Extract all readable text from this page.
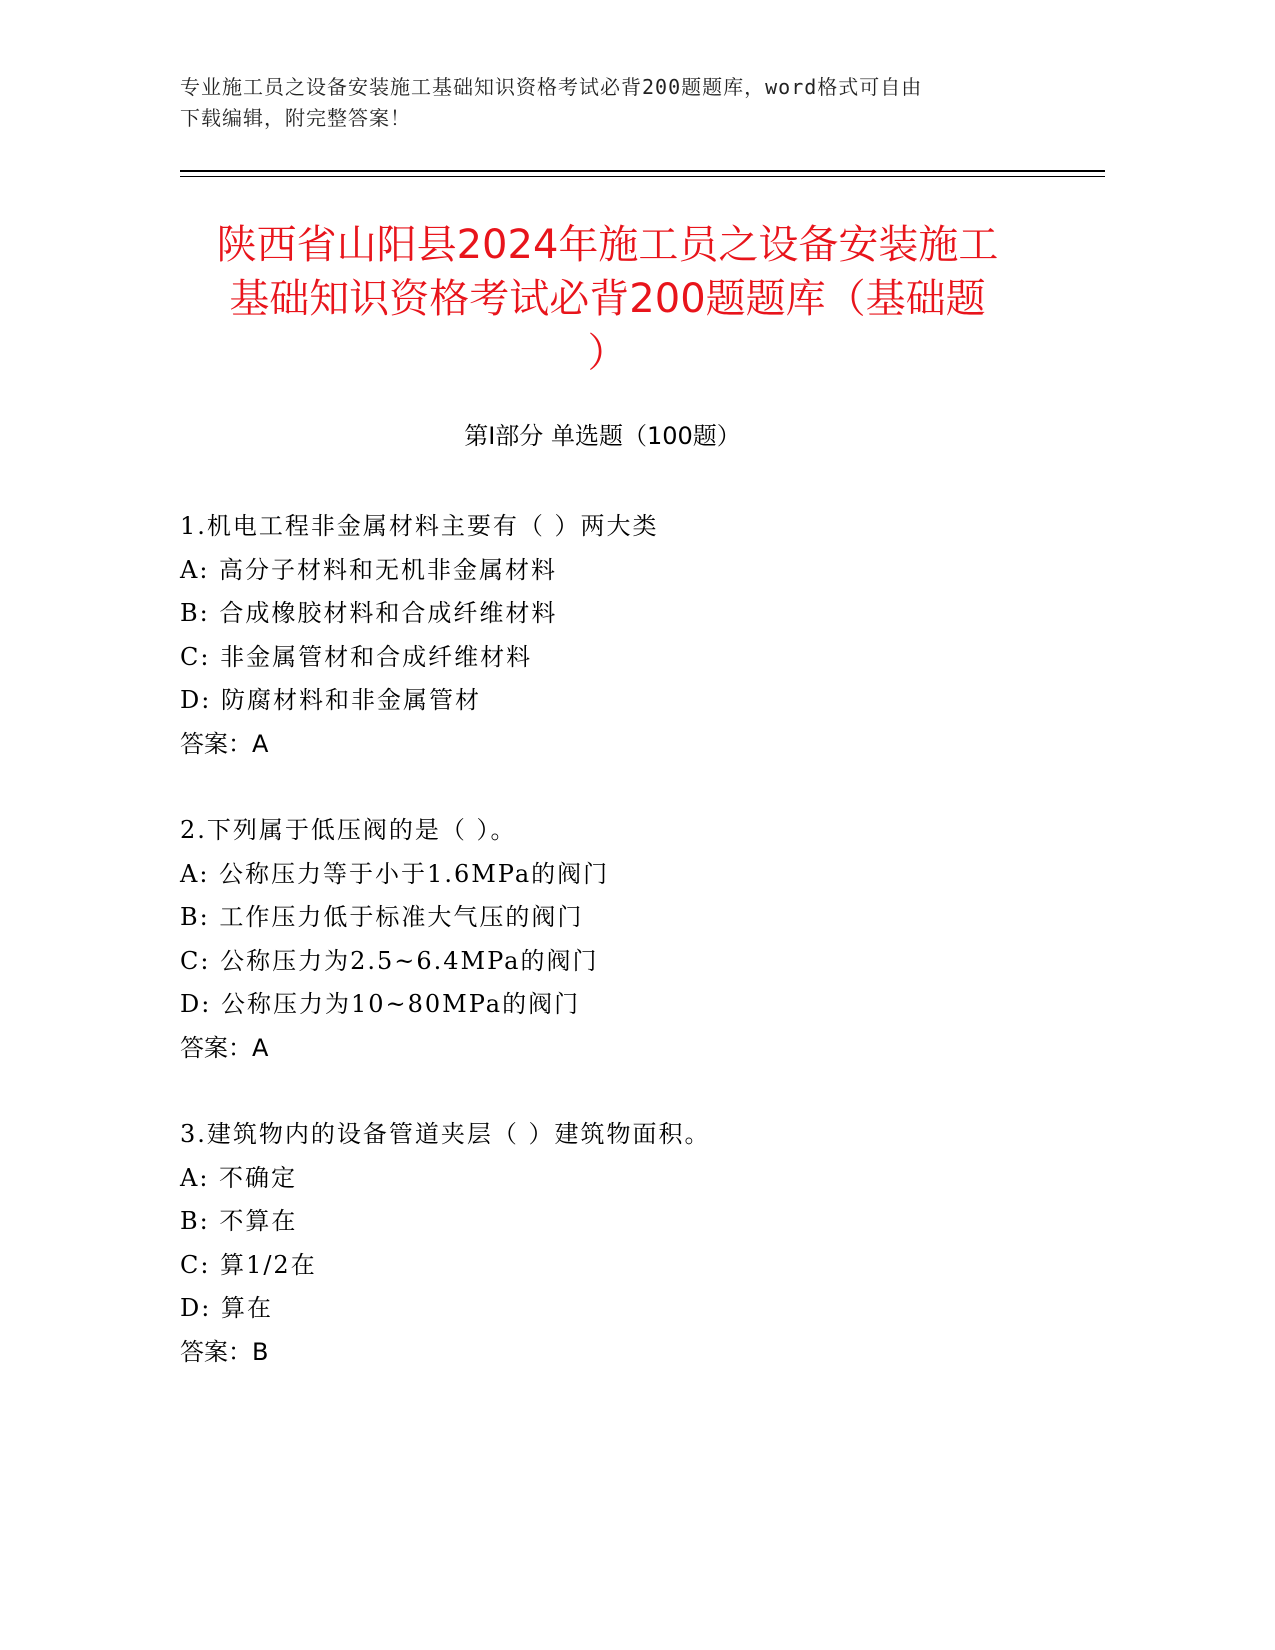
专业施工员之设备安装施工基础知识资格考试必背200题题库，word格式可自由
下载编辑，附完整答案！
陕西省山阳县2024年施工员之设备安装施工
基础知识资格考试必背200题题库（基础题
）
第Ⅰ部分 单选题（100题）
1.机电工程非金属材料主要有（ ）两大类
A: 高分子材料和无机非金属材料
B: 合成橡胶材料和合成纤维材料
C: 非金属管材和合成纤维材料
D: 防腐材料和非金属管材
答案：A
2.下列属于低压阀的是（ ）。
A: 公称压力等于小于1.6MPa的阀门
B: 工作压力低于标准大气压的阀门
C: 公称压力为2.5~6.4MPa的阀门
D: 公称压力为10~80MPa的阀门
答案：A
3.建筑物内的设备管道夹层（ ）建筑物面积。
A: 不确定
B: 不算在
C: 算1/2在
D: 算在
答案：B
